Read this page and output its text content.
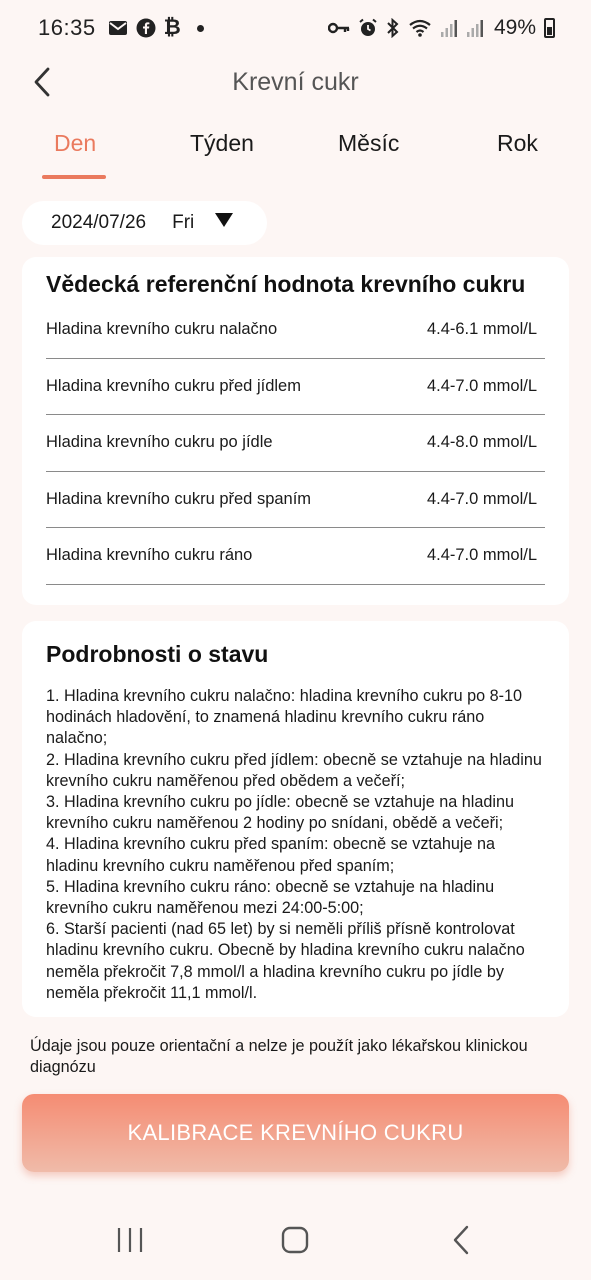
16:35	₿	49%
Krevní cukr
Den	Týden	Měsíc	Rok
2024/07/26 Fri
Vědecká referenční hodnota krevního cukru
Hladina krevního cukru nalačno	4.4-6.1 mmol/L
Hladina krevního cukru před jídlem	4.4-7.0 mmol/L
Hladina krevního cukru po jídle	4.4-8.0 mmol/L
Hladina krevního cukru před spaním	4.4-7.0 mmol/L
Hladina krevního cukru ráno	4.4-7.0 mmol/L
Podrobnosti o stavu

1. Hladina krevního cukru nalačno: hladina krevního cukru po 8-10 hodinách hladovění, to znamená hladinu krevního cukru ráno nalačno;

2. Hladina krevního cukru před jídlem: obecně se vztahuje na hladinu krevního cukru naměřenou před obědem a večeří;

3. Hladina krevního cukru po jídle: obecně se vztahuje na hladinu krevního cukru naměřenou 2 hodiny po snídani, obědě a večeři;

4. Hladina krevního cukru před spaním: obecně se vztahuje na hladinu krevního cukru naměřenou před spaním;

5. Hladina krevního cukru ráno: obecně se vztahuje na hladinu krevního cukru naměřenou mezi 24:00-5:00;

6. Starší pacienti (nad 65 let) by si neměli příliš přísně kontrolovat hladinu krevního cukru. Obecně by hladina krevního cukru nalačno neměla překročit 7,8 mmol/l a hladina krevního cukru po jídle by neměla překročit 11,1 mmol/l.

Údaje jsou pouze orientační a nelze je použít jako lékařskou klinickou diagnózu
KALIBRACE KREVNÍHO CUKRU
